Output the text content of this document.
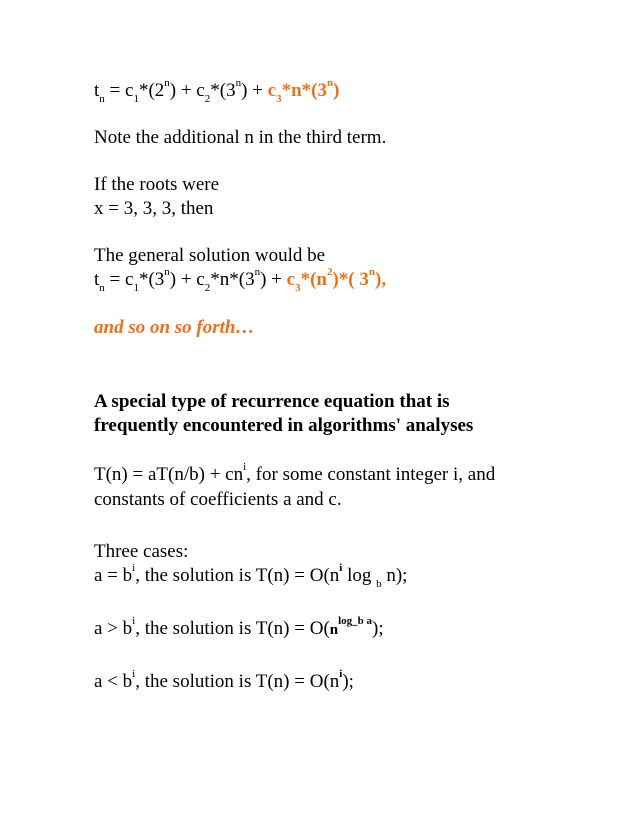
$t_n = c_1*(2^n) + c_2*(3^n) + c_3*n*(3^n)$
Note the additional n in the third term.
If the roots were
x = 3, 3, 3, then
The general solution would be
$t_n = c_1*(3^n) + c_2*n*(3^n) + c_3*(n^2)*$( 3$^n$),
and so on so forth…
A special type of recurrence equation that is
frequently encountered in algorithms' analyses
$T(n) = aT(n/b) + cn^i$, for some constant integer i, and
constants of coefficients a and c.
Three cases:
$a = b^i$, the solution is $T(n) = O(n^i$ log $_b$ n);
$a > b^i$, the solution is $T(n) = O(n^{log\_b a})$;
$a < b^i$, the solution is $T(n) = O(n^i)$;
